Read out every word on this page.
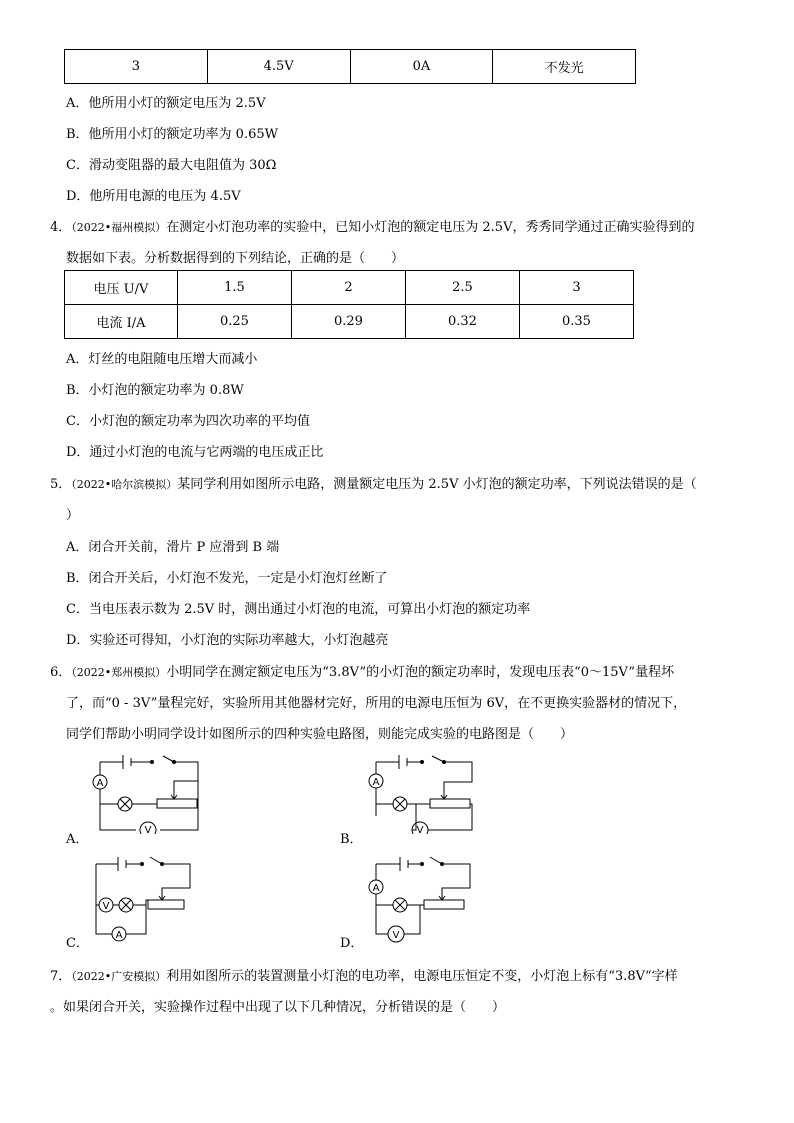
3	4.5V	0A	不发光
A．他所用小灯的额定电压为 2.5V
B．他所用小灯的额定功率为 0.65W
C．滑动变阻器的最大电阻值为 30Ω
D．他所用电源的电压为 4.5V
4．（2022•福州模拟）在测定小灯泡功率的实验中，已知小灯泡的额定电压为 2.5V，秀秀同学通过正确实验得到的
数据如下表。分析数据得到的下列结论，正确的是（　　）
电压 U/V	1.5	2	2.5	3
电流 I/A	0.25	0.29	0.32	0.35
A．灯丝的电阻随电压增大而减小
B．小灯泡的额定功率为 0.8W
C．小灯泡的额定功率为四次功率的平均值
D．通过小灯泡的电流与它两端的电压成正比
5．（2022•哈尔滨模拟）某同学利用如图所示电路，测量额定电压为 2.5V 小灯泡的额定功率，下列说法错误的是（
）
A．闭合开关前，滑片 P 应滑到 B 端
B．闭合开关后，小灯泡不发光，一定是小灯泡灯丝断了
C．当电压表示数为 2.5V 时，测出通过小灯泡的电流，可算出小灯泡的额定功率
D．实验还可得知，小灯泡的实际功率越大，小灯泡越亮
6．（2022•郑州模拟）小明同学在测定额定电压为“3.8V”的小灯泡的额定功率时，发现电压表“0～15V”量程坏
了，而“0 - 3V”量程完好，实验所用其他器材完好，所用的电源电压恒为 6V，在不更换实验器材的情况下，
同学们帮助小明同学设计如图所示的四种实验电路图，则能完成实验的电路图是（　　）
A
V
A．
A
V
B．
V
A
C．
A
V
D．
7．（2022•广安模拟）利用如图所示的装置测量小灯泡的电功率，电源电压恒定不变，小灯泡上标有“3.8V“字样
。如果闭合开关，实验操作过程中出现了以下几种情况，分析错误的是（　　）
